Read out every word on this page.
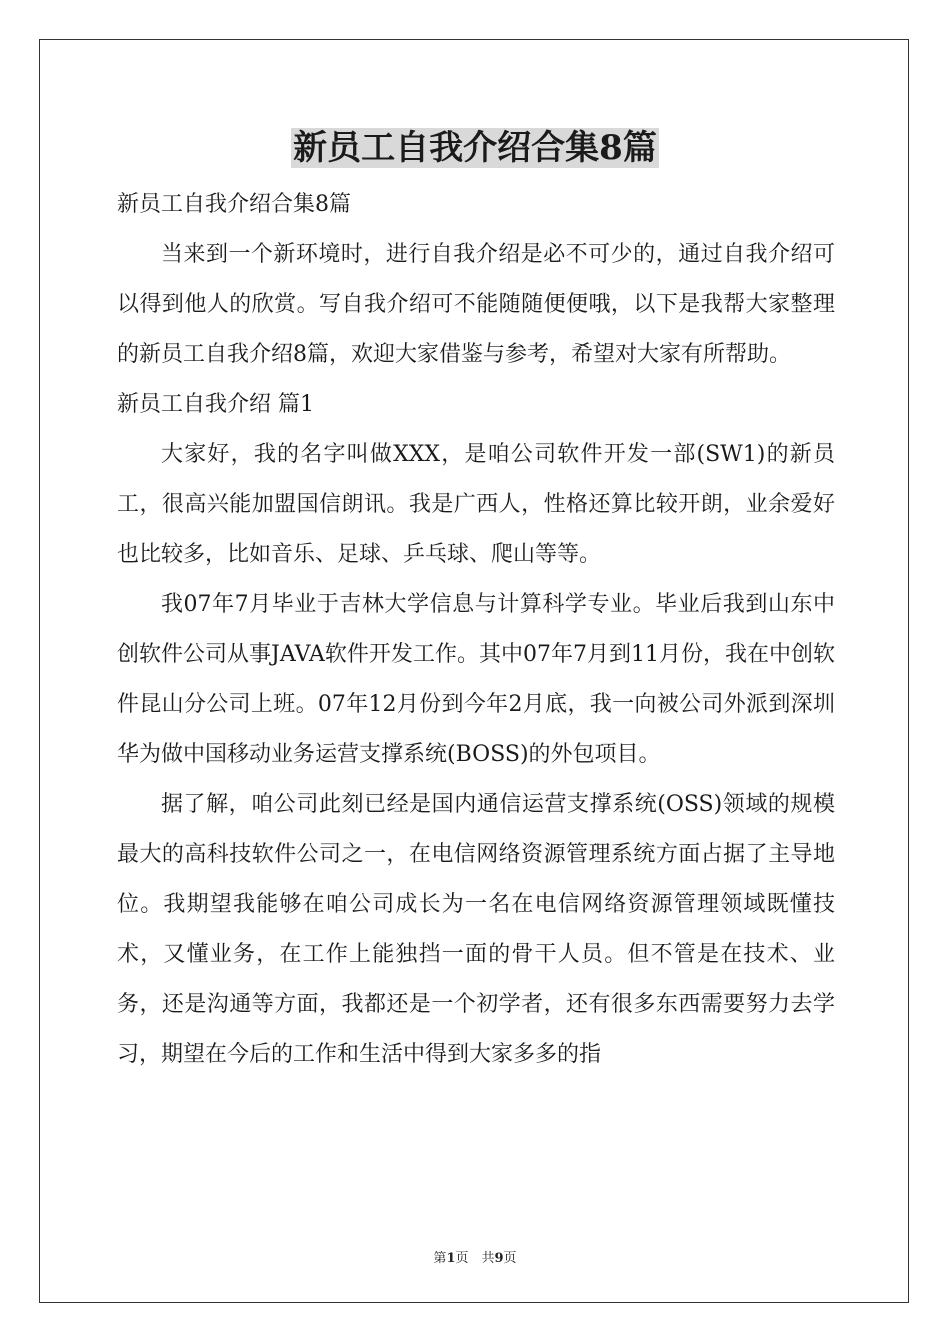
新员工自我介绍合集8篇

新员工自我介绍合集8篇

当来到一个新环境时，进行自我介绍是必不可少的，通过自我介绍可以得到他人的欣赏。写自我介绍可不能随随便便哦，以下是我帮大家整理的新员工自我介绍8篇，欢迎大家借鉴与参考，希望对大家有所帮助。

新员工自我介绍 篇1

大家好，我的名字叫做XXX，是咱公司软件开发一部(SW1)的新员工，很高兴能加盟国信朗讯。我是广西人，性格还算比较开朗，业余爱好也比较多，比如音乐、足球、乒乓球、爬山等等。

我07年7月毕业于吉林大学信息与计算科学专业。毕业后我到山东中创软件公司从事JAVA软件开发工作。其中07年7月到11月份，我在中创软件昆山分公司上班。07年12月份到今年2月底，我一向被公司外派到深圳华为做中国移动业务运营支撑系统(BOSS)的外包项目。

据了解，咱公司此刻已经是国内通信运营支撑系统(OSS)领域的规模最大的高科技软件公司之一，在电信网络资源管理系统方面占据了主导地位。我期望我能够在咱公司成长为一名在电信网络资源管理领域既懂技术，又懂业务，在工作上能独挡一面的骨干人员。但不管是在技术、业务，还是沟通等方面，我都还是一个初学者，还有很多东西需要努力去学习，期望在今后的工作和生活中得到大家多多的指

第1页　共9页
